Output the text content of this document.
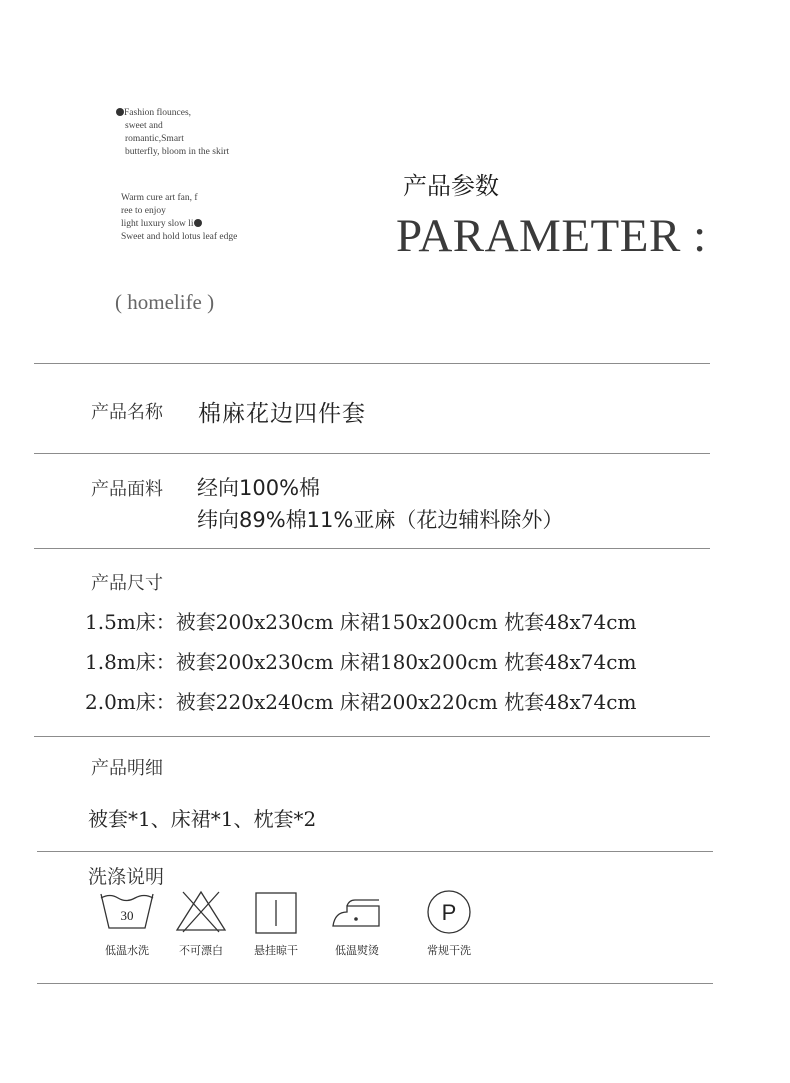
Fashion flounces,
sweet and
romantic,Smart
butterfly, bloom in the skirt
Warm cure art fan, f
ree to enjoy
light luxury slow li
Sweet and hold lotus leaf edge
( homelife )
产品参数
PARAMETER :
产品名称 棉麻花边四件套
产品面料 经向100%棉
纬向89%棉11%亚麻（花边辅料除外）
产品尺寸
1.5m床：被套200x230cm 床裙150x200cm 枕套48x74cm
1.8m床：被套200x230cm 床裙180x200cm 枕套48x74cm
2.0m床：被套220x240cm 床裙200x220cm 枕套48x74cm
产品明细
被套*1、床裙*1、枕套*2
洗涤说明
30
低温水洗	不可漂白	悬挂晾干	低温熨烫
P
常规干洗
